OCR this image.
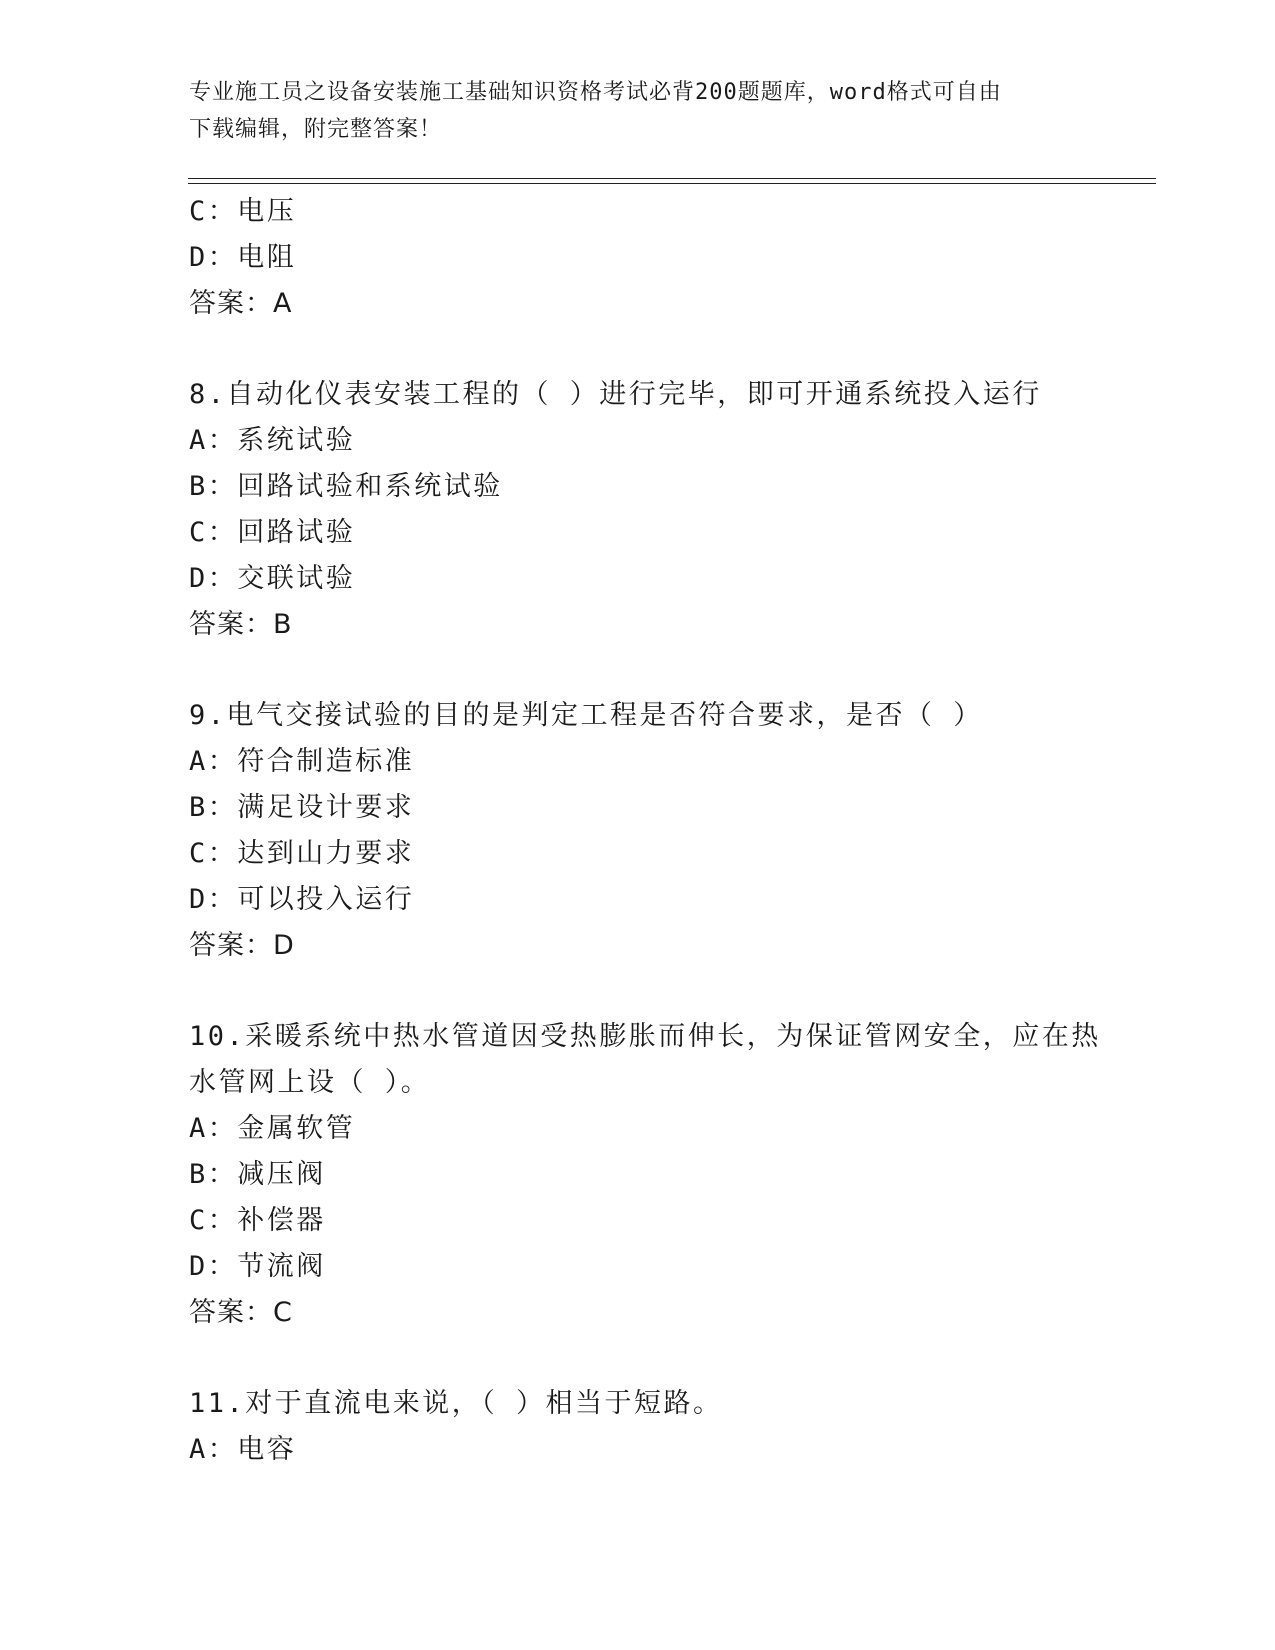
专业施工员之设备安装施工基础知识资格考试必背200题题库，word格式可自由
下载编辑，附完整答案！
C：电压
D：电阻
答案：A
8.自动化仪表安装工程的（ ）进行完毕，即可开通系统投入运行
A：系统试验
B：回路试验和系统试验
C：回路试验
D：交联试验
答案：B
9.电气交接试验的目的是判定工程是否符合要求，是否（ ）
A：符合制造标准
B：满足设计要求
C：达到山力要求
D：可以投入运行
答案：D
10.采暖系统中热水管道因受热膨胀而伸长，为保证管网安全，应在热
水管网上设（ ）。
A：金属软管
B：减压阀
C：补偿器
D：节流阀
答案：C
11.对于直流电来说，（ ）相当于短路。
A：电容
